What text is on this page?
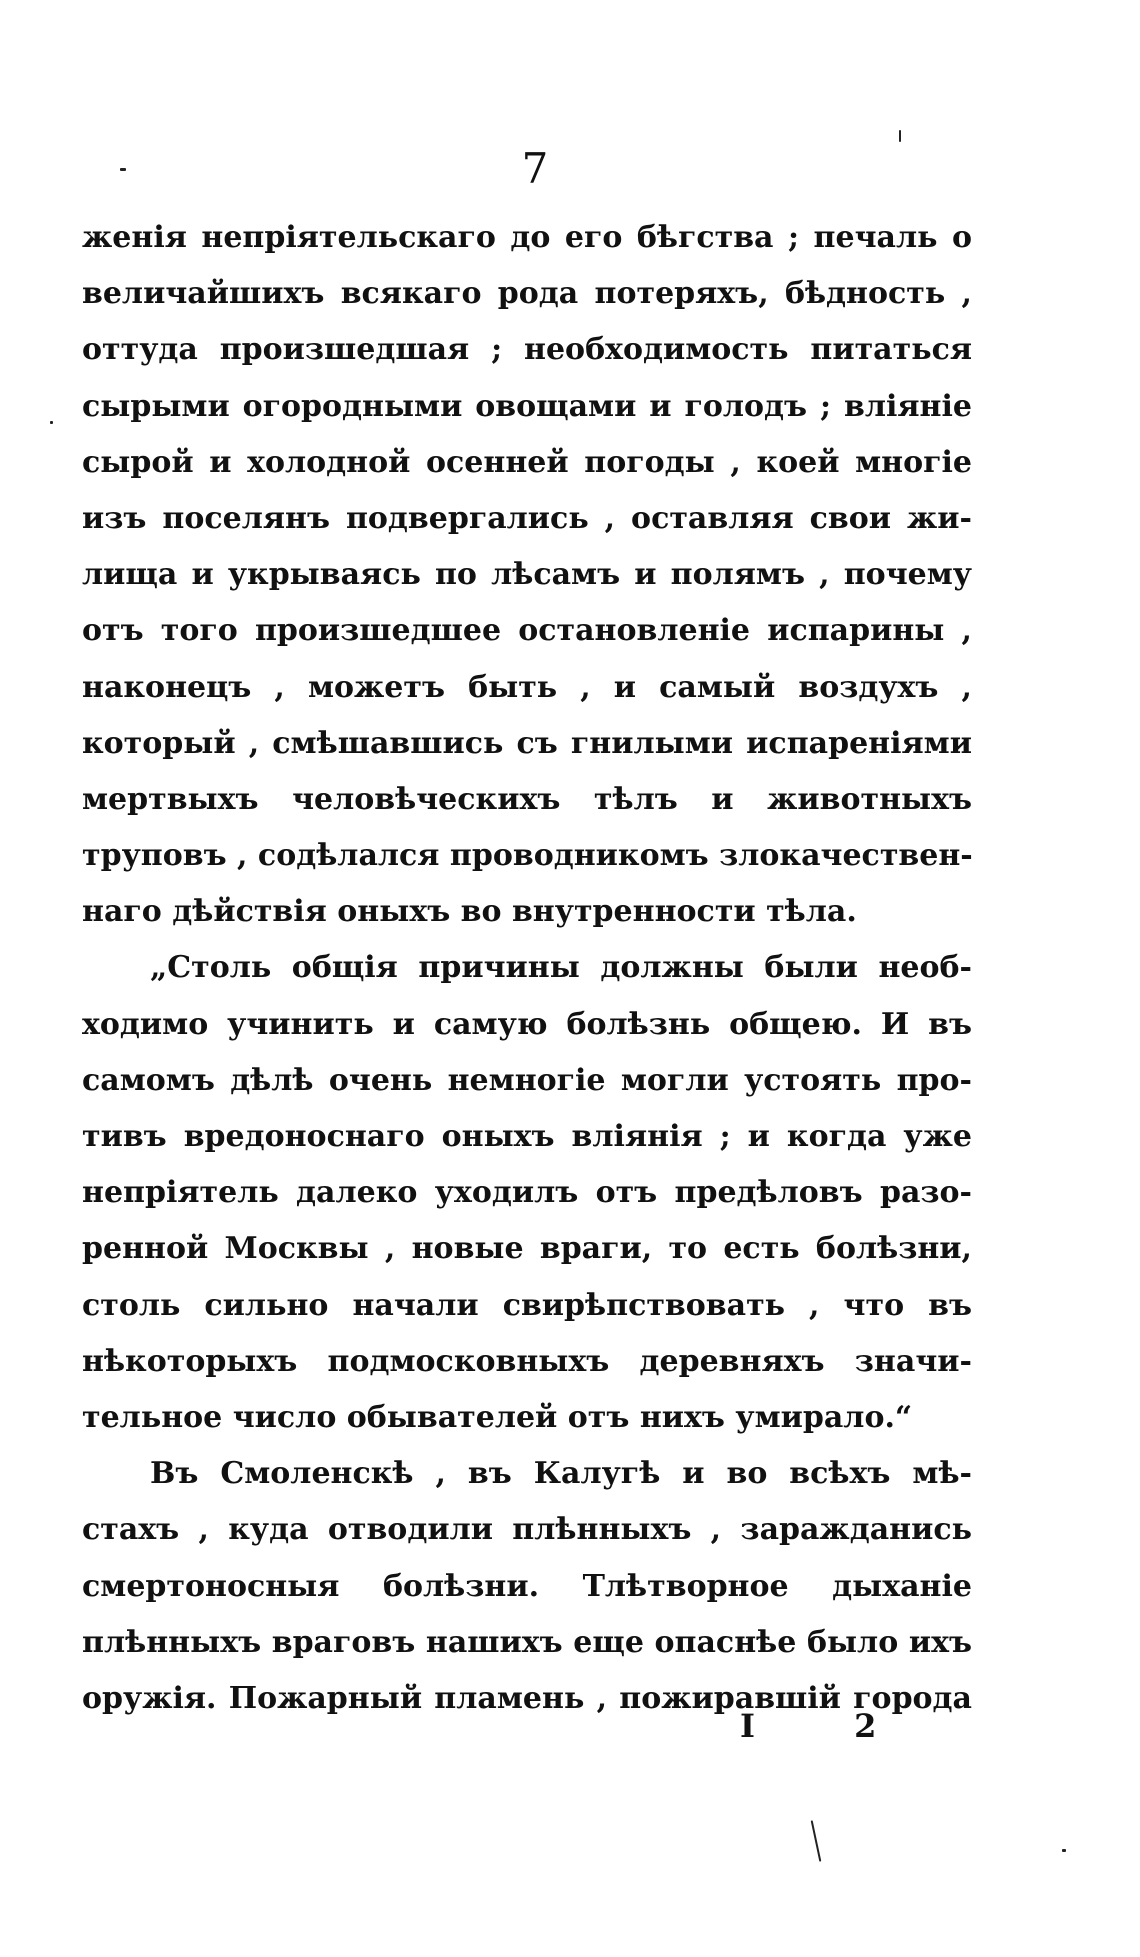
7
женія непріятельскаго до его бѣгства ; печаль о
величайшихъ всякаго рода потеряхъ, бѣдность ,
оттуда произшедшая ; необходимость питаться
сырыми огородными овощами и голодъ ; вліяніе
сырой и холодной осенней погоды , коей многіе
изъ поселянъ подвергались , оставляя свои жи-
лища и укрываясь по лѣсамъ и полямъ , почему
отъ того произшедшее остановленіе испарины ,
наконецъ , можетъ быть , и самый воздухъ ,
который , смѣшавшись съ гнилыми испареніями
мертвыхъ человѣческихъ тѣлъ и животныхъ
труповъ , содѣлался проводникомъ злокачествен-
наго дѣйствія оныхъ во внутренности тѣла.
„Столь общія причины должны были необ-
ходимо учинить и самую болѣзнь общею. И въ
самомъ дѣлѣ очень немногіе могли устоять про-
тивъ вредоноснаго оныхъ вліянія ; и когда уже
непріятель далеко уходилъ отъ предѣловъ разо-
ренной Москвы , новые враги, то есть болѣзни,
столь сильно начали свирѣпствовать , что въ
нѣкоторыхъ подмосковныхъ деревняхъ значи-
тельное число обывателей отъ нихъ умирало.“
Въ Смоленскѣ , въ Калугѣ и во всѣхъ мѣ-
стахъ , куда отводили плѣнныхъ , заражданись
смертоносныя болѣзни. Тлѣтворное дыханіе
плѣнныхъ враговъ нашихъ еще опаснѣе было ихъ
оружія. Пожарный пламень , пожиравшій города
I 2
